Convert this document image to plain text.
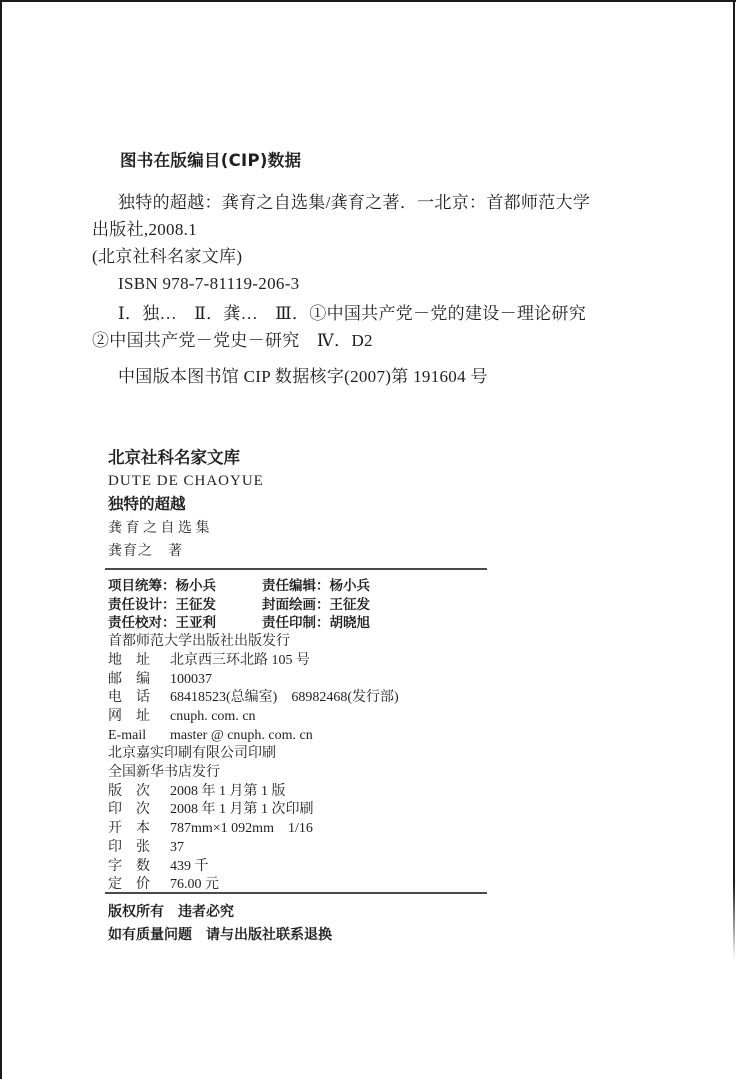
图书在版编目(CIP)数据
独特的超越：龚育之自选集/龚育之著．一北京：首都师范大学
出版社,2008.1
(北京社科名家文库)
ISBN 978-7-81119-206-3
Ⅰ．独…　Ⅱ．龚…　Ⅲ．①中国共产党－党的建设－理论研究
②中国共产党－党史－研究　Ⅳ．D2
中国版本图书馆 CIP 数据核字(2007)第 191604 号
北京社科名家文库
DUTE DE CHAOYUE
独特的超越
龚育之自选集
龚育之　著
项目统筹：杨小兵	责任编辑：杨小兵
责任设计：王征发	封面绘画：王征发
责任校对：王亚利	责任印制：胡晓旭
首都师范大学出版社出版发行
地　址	北京西三环北路 105 号
邮　编	100037
电　话	68418523(总编室)　68982468(发行部)
网　址	cnuph. com. cn
E-mail	master @ cnuph. com. cn
北京嘉实印刷有限公司印刷
全国新华书店发行
版　次	2008 年 1 月第 1 版
印　次	2008 年 1 月第 1 次印刷
开　本	787mm×1 092mm　1/16
印　张	37
字　数	439 千
定　价	76.00 元
版权所有　违者必究
如有质量问题　请与出版社联系退换
